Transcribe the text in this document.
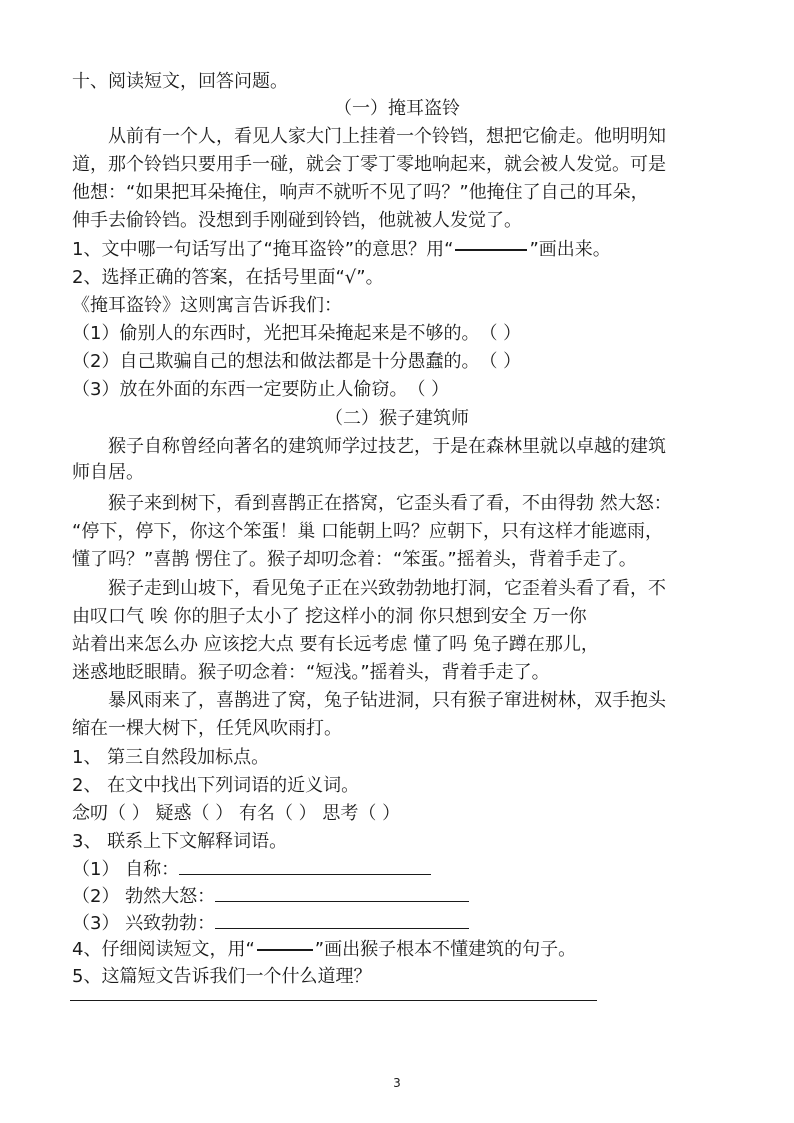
十、阅读短文，回答问题。
（一）掩耳盗铃
从前有一个人，看见人家大门上挂着一个铃铛，想把它偷走。他明明知
道，那个铃铛只要用手一碰，就会丁零丁零地响起来，就会被人发觉。可是
他想：“如果把耳朵掩住，响声不就听不见了吗？”他掩住了自己的耳朵，
伸手去偷铃铛。没想到手刚碰到铃铛，他就被人发觉了。
1、文中哪一句话写出了“掩耳盗铃”的意思？用“	”画出来。
2、选择正确的答案，在括号里面“√”。
《掩耳盗铃》这则寓言告诉我们：
（1）偷别人的东西时，光把耳朵掩起来是不够的。（ ）
（2）自己欺骗自己的想法和做法都是十分愚蠢的。（ ）
（3）放在外面的东西一定要防止人偷窃。（ ）
（二）猴子建筑师
猴子自称曾经向著名的建筑师学过技艺，于是在森林里就以卓越的建筑
师自居。
猴子来到树下，看到喜鹊正在搭窝，它歪头看了看，不由得勃 然大怒：
“停下，停下，你这个笨蛋！巢 口能朝上吗？应朝下，只有这样才能遮雨，
懂了吗？”喜鹊 愣住了。猴子却叨念着：“笨蛋。”摇着头，背着手走了。
猴子走到山坡下，看见兔子正在兴致勃勃地打洞，它歪着头看了看，不
由叹口气 唉 你的胆子太小了 挖这样小的洞 你只想到安全 万一你
站着出来怎么办 应该挖大点 要有长远考虑 懂了吗 兔子蹲在那儿，
迷惑地眨眼睛。猴子叨念着：“短浅。”摇着头，背着手走了。
暴风雨来了，喜鹊进了窝，兔子钻进洞，只有猴子窜进树林，双手抱头
缩在一棵大树下，任凭风吹雨打。
1、 第三自然段加标点。
2、 在文中找出下列词语的近义词。
念叨（ ） 疑惑（ ） 有名（ ） 思考（ ）
3、 联系上下文解释词语。
（1） 自称：
（2） 勃然大怒：
（3） 兴致勃勃：
4、仔细阅读短文，用“	”画出猴子根本不懂建筑的句子。
5、这篇短文告诉我们一个什么道理？
3
